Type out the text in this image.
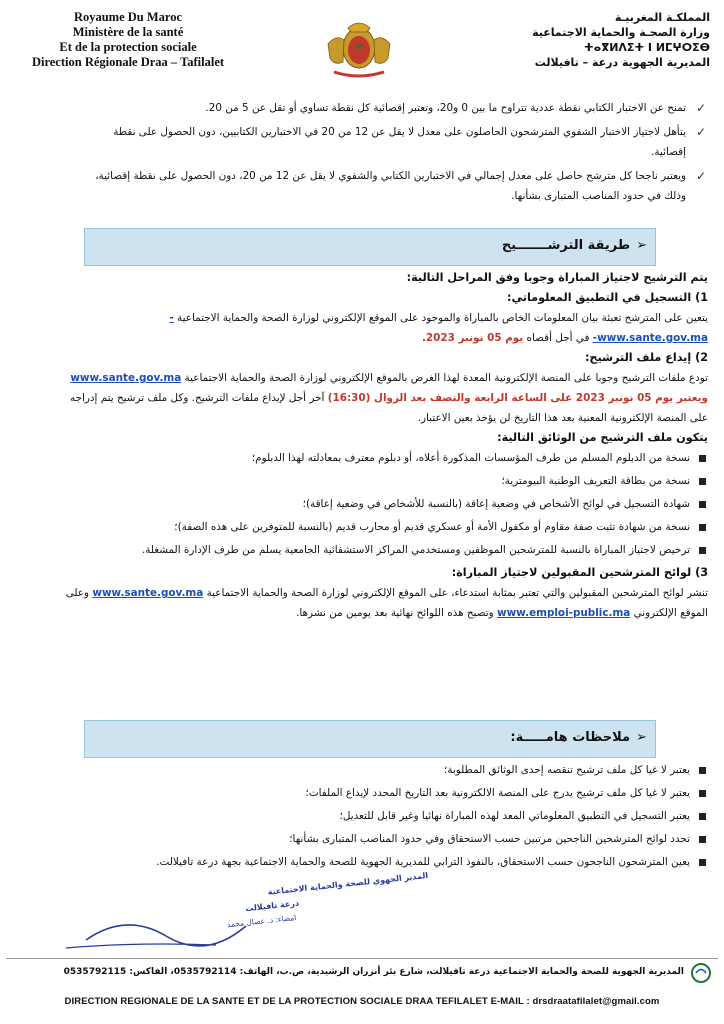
Royaume Du Maroc
Ministère de la santé
Et de la protection sociale
Direction Régionale Draa – Tafilalet
المملكـة المغربيـة
وزارة الصحـة والحماية الاجتماعية
ⵜⴰⴳⵍⴷⵉⵜ ⵏ ⵍⵎⵖⵔⵉⴱ
المديرية الجهوية درعة – تافيلالت
✓
تمنح عن الاختبار الكتابي نقطة عددية تتراوح ما بين 0 و20، وتعتبر إقصائية كل نقطة تساوي أو تقل عن 5 من 20.
✓
يتأهل لاجتياز الاختبار الشفوي المترشحون الحاصلون على معدل لا يقل عن 12 من 20 في الاختبارين الكتابيين، دون الحصول على نقطة إقصائية.
✓
ويعتبر ناجحا كل مترشح حاصل على معدل إجمالي في الاختبارين الكتابي والشفوي لا يقل عن 12 من 20، دون الحصول على نقطة إقصائية، وذلك في حدود المناصب المتبارى بشأنها.
➢
طريقة الترشـــــــيح
يتم الترشيح لاجتياز المباراة وجوبا وفق المراحل التالية:
1) التسجيل في التطبيق المعلوماتي:
يتعين على المترشح تعبئة بيان المعلومات الخاص بالمباراة والموجود على الموقع الإلكتروني لوزارة الصحة والحماية الاجتماعية -www.sante.gov.ma- في أجل أقصاه يوم 05 نونبر 2023.
2) إيداع ملف الترشيح:
تودع ملفات الترشيح وجوبا على المنصة الإلكترونية المعدة لهذا الغرض بالموقع الإلكتروني لوزارة الصحة والحماية الاجتماعية www.sante.gov.ma ويعتبر يوم 05 نونبر 2023 على الساعة الرابعة والنصف بعد الزوال (16:30) آخر أجل لإيداع ملفات الترشيح. وكل ملف ترشيح يتم إدراجه على المنصة الإلكترونية المعنية بعد هذا التاريخ لن يؤخذ بعين الاعتبار.
يتكون ملف الترشيح من الوثائق التالية:
نسخة من الدبلوم المسلم من طرف المؤسسات المذكورة أعلاه، أو دبلوم معترف بمعادلته لهذا الدبلوم؛
نسخة من بطاقة التعريف الوطنية البيومترية؛
شهادة التسجيل في لوائح الأشخاص في وضعية إعاقة (بالنسبة للأشخاص في وضعية إعاقة)؛
نسخة من شهادة تثبت صفة مقاوم أو مكفول الأمة أو عسكري قديم أو محارب قديم (بالنسبة للمتوفرين على هذه الصفة)؛
ترخيص لاجتياز المباراة بالنسبة للمترشحين الموظفين ومستخدمي المراكز الاستشفائية الجامعية يسلم من طرف الإدارة المشغلة.
3) لوائح المترشحين المقبولين لاجتياز المباراة:
تنشر لوائح المترشحين المقبولين والتي تعتبر بمثابة استدعاء، على الموقع الإلكتروني لوزارة الصحة والحماية الاجتماعية www.sante.gov.ma وعلى الموقع الإلكتروني www.emploi-public.ma وتصبح هذه اللوائح نهائية بعد يومين من نشرها.
➢
ملاحظات هامـــــة:
يعتبر لا غيا كل ملف ترشيح تنقصه إحدى الوثائق المطلوبة؛
يعتبر لا غيا كل ملف ترشيح يدرج على المنصة الالكترونية بعد التاريخ المحدد لإيداع الملفات؛
يعتبر التسجيل في التطبيق المعلوماتي المعد لهذه المباراة نهائيا وغير قابل للتعديل؛
تحدد لوائح المترشحين الناجحين مرتبين حسب الاستحقاق وفي حدود المناصب المتبارى بشأنها؛
يعين المترشحون الناجحون حسب الاستحقاق، بالنفوذ الترابي للمديرية الجهوية للصحة والحماية الاجتماعية بجهة درعة تافيلالت.
المدير الجهوي للصحة والحماية الاجتماعية
درعة تافيلالت
امضاء: د. عصال محمد
المديرية الجهوية للصحة والحماية الاجتماعية درعة تافيلالت، شارع بئر أنزران الرشيدية، ص.ب، الهاتف: 0535792114، الفاكس: 0535792115
DIRECTION REGIONALE DE LA SANTE ET DE LA PROTECTION SOCIALE DRAA TEFILALET E-MAIL : drsdraatafilalet@gmail.com
